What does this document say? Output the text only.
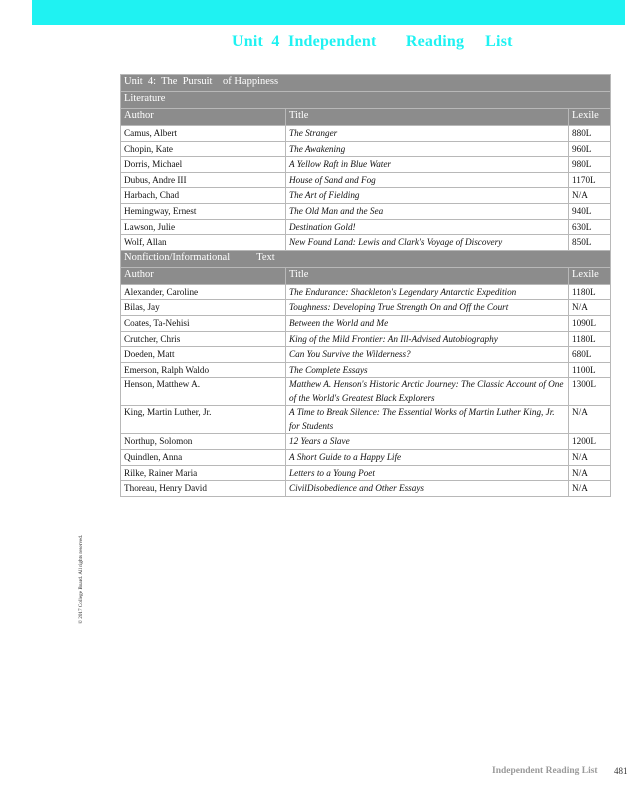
Unit  4  Independent       Reading     List
Unit  4:  The  Pursuit    of Happiness		
Literature		
Author	Title	Lexile
Camus, Albert	The Stranger	880L
Chopin, Kate	The Awakening	960L
Dorris, Michael	A Yellow Raft in Blue Water	980L
Dubus, Andre III	House of Sand and Fog	1170L
Harbach, Chad	The Art of Fielding	N/A
Hemingway, Ernest	The Old Man and the Sea	940L
Lawson, Julie	Destination Gold!	630L
Wolf, Allan	New Found Land: Lewis and Clark's Voyage of Discovery	850L
Nonfiction/Informational          Text		
Author	Title	Lexile
Alexander, Caroline	The Endurance: Shackleton's Legendary Antarctic Expedition	1180L
Bilas, Jay	Toughness: Developing True Strength On and Off the Court	N/A
Coates, Ta-Nehisi	Between the World and Me	1090L
Crutcher, Chris	King of the Mild Frontier: An Ill-Advised Autobiography	1180L
Doeden, Matt	Can You Survive the Wilderness?	680L
Emerson, Ralph Waldo	The Complete Essays	1100L
Henson, Matthew A.	Matthew A. Henson's Historic Arctic Journey: The Classic Account of One of the World's Greatest Black Explorers	1300L
King, Martin Luther, Jr.	A Time to Break Silence: The Essential Works of Martin Luther King, Jr. for Students	N/A
Northup, Solomon	12 Years a Slave	1200L
Quindlen, Anna	A Short Guide to a Happy Life	N/A
Rilke, Rainer Maria	Letters to a Young Poet	N/A
Thoreau, Henry David	CivilDisobedience and Other Essays	N/A
© 2017 College Board. All rights reserved.
Independent Reading List 481
